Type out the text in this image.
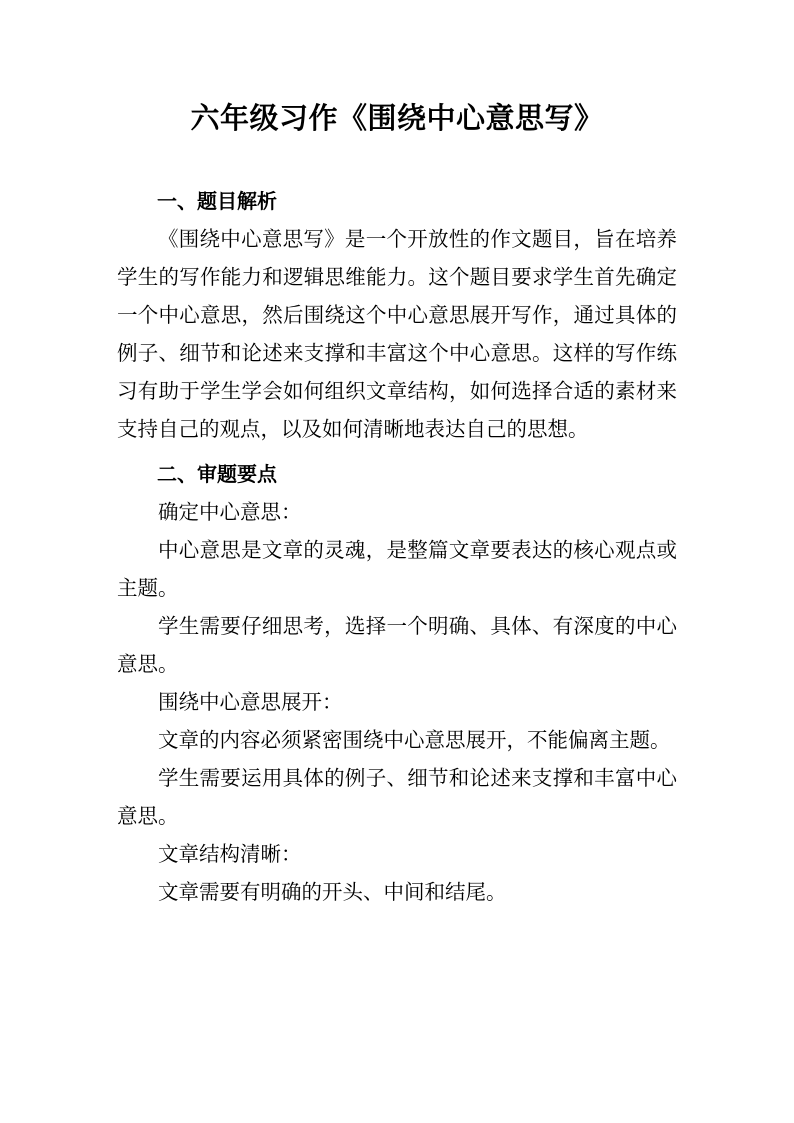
六年级习作《围绕中心意思写》

一、题目解析

《围绕中心意思写》是一个开放性的作文题目，旨在培养学生的写作能力和逻辑思维能力。这个题目要求学生首先确定一个中心意思，然后围绕这个中心意思展开写作，通过具体的例子、细节和论述来支撑和丰富这个中心意思。这样的写作练习有助于学生学会如何组织文章结构，如何选择合适的素材来支持自己的观点，以及如何清晰地表达自己的思想。

二、审题要点

确定中心意思：

中心意思是文章的灵魂，是整篇文章要表达的核心观点或主题。

学生需要仔细思考，选择一个明确、具体、有深度的中心意思。

围绕中心意思展开：

文章的内容必须紧密围绕中心意思展开，不能偏离主题。

学生需要运用具体的例子、细节和论述来支撑和丰富中心意思。

文章结构清晰：

文章需要有明确的开头、中间和结尾。
